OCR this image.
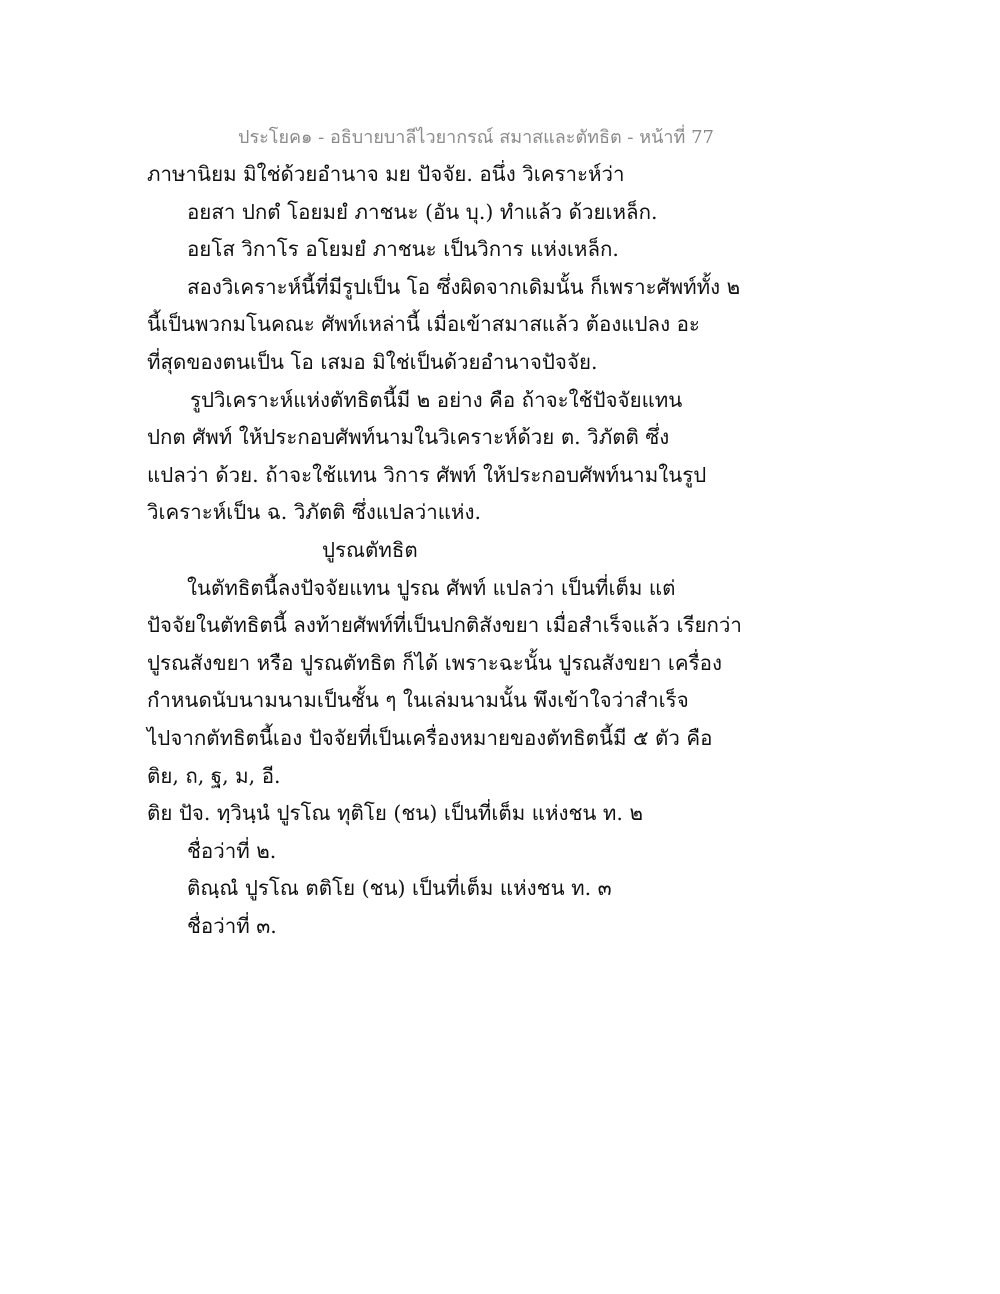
ประโยค๑ - อธิบายบาลีไวยากรณ์ สมาสและตัทธิต - หน้าที่ 77
ภาษานิยม มิใช่ด้วยอำนาจ มย ปัจจัย. อนึ่ง วิเคราะห์ว่า
อยสา ปกตํ โอยมยํ ภาชนะ (อัน บุ.) ทำแล้ว ด้วยเหล็ก.
อยโส วิกาโร อโยมยํ ภาชนะ เป็นวิการ แห่งเหล็ก.
สองวิเคราะห์นี้ที่มีรูปเป็น โอ ซึ่งผิดจากเดิมนั้น ก็เพราะศัพท์ทั้ง ๒
นี้เป็นพวกมโนคณะ ศัพท์เหล่านี้ เมื่อเข้าสมาสแล้ว ต้องแปลง อะ
ที่สุดของตนเป็น โอ เสมอ มิใช่เป็นด้วยอำนาจปัจจัย.
รูปวิเคราะห์แห่งตัทธิตนี้มี ๒ อย่าง คือ ถ้าจะใช้ปัจจัยแทน
ปกต ศัพท์ ให้ประกอบศัพท์นามในวิเคราะห์ด้วย ต. วิภัตติ ซึ่ง
แปลว่า ด้วย. ถ้าจะใช้แทน วิการ ศัพท์ ให้ประกอบศัพท์นามในรูป
วิเคราะห์เป็น ฉ. วิภัตติ ซึ่งแปลว่าแห่ง.
ปูรณตัทธิต
ในตัทธิตนี้ลงปัจจัยแทน ปูรณ ศัพท์ แปลว่า เป็นที่เต็ม แต่
ปัจจัยในตัทธิตนี้ ลงท้ายศัพท์ที่เป็นปกติสังขยา เมื่อสำเร็จแล้ว เรียกว่า
ปูรณสังขยา หรือ ปูรณตัทธิต ก็ได้ เพราะฉะนั้น ปูรณสังขยา เครื่อง
กำหนดนับนามนามเป็นชั้น ๆ ในเล่มนามนั้น พึงเข้าใจว่าสำเร็จ
ไปจากตัทธิตนี้เอง ปัจจัยที่เป็นเครื่องหมายของตัทธิตนี้มี ๕ ตัว คือ
ติย, ถ, ฐ, ม, อี.
ติย ปัจ. ทฺวินฺนํ ปูรโณ ทุติโย (ชน) เป็นที่เต็ม แห่งชน ท. ๒
ชื่อว่าที่ ๒.
ติณฺณํ ปูรโณ ตติโย (ชน) เป็นที่เต็ม แห่งชน ท. ๓
ชื่อว่าที่ ๓.
